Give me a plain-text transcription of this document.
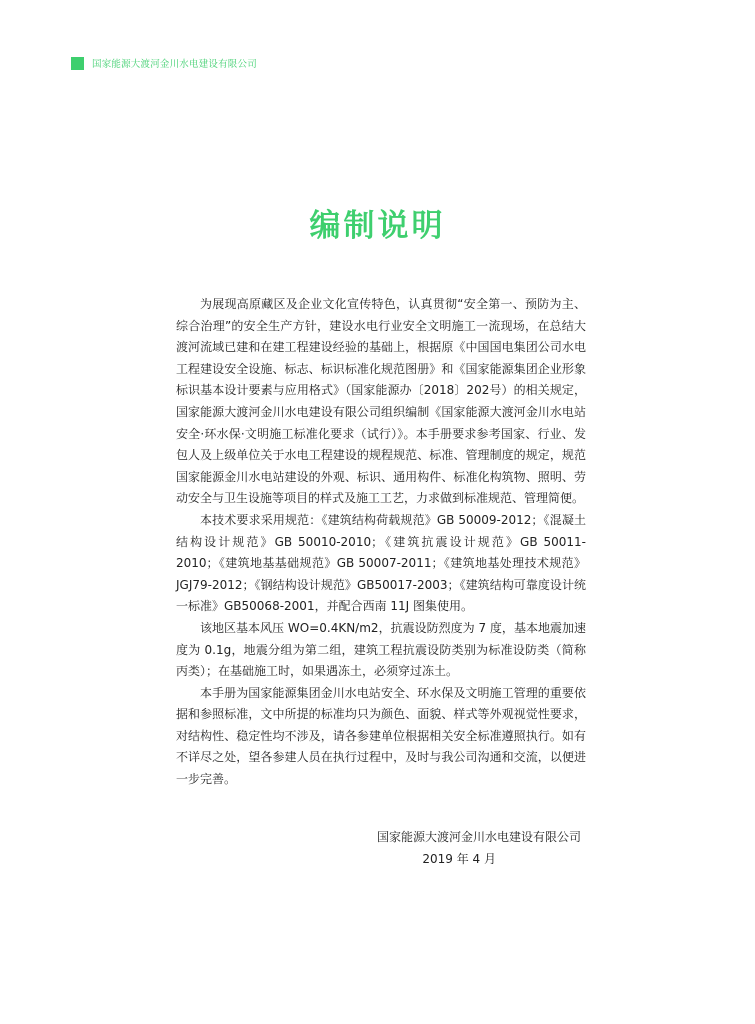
国家能源大渡河金川水电建设有限公司
编制说明

为展现高原藏区及企业文化宣传特色，认真贯彻“安全第一、预防为主、综合治理”的安全生产方针，建设水电行业安全文明施工一流现场，在总结大渡河流域已建和在建工程建设经验的基础上，根据原《中国国电集团公司水电工程建设安全设施、标志、标识标准化规范图册》和《国家能源集团企业形象标识基本设计要素与应用格式》（国家能源办〔2018〕202号）的相关规定，国家能源大渡河金川水电建设有限公司组织编制《国家能源大渡河金川水电站安全·环水保·文明施工标准化要求（试行）》。本手册要求参考国家、行业、发包人及上级单位关于水电工程建设的规程规范、标准、管理制度的规定，规范国家能源金川水电站建设的外观、标识、通用构件、标准化构筑物、照明、劳动安全与卫生设施等项目的样式及施工工艺，力求做到标准规范、管理简便。

本技术要求采用规范：《建筑结构荷载规范》GB 50009-2012；《混凝土结构设计规范》GB 50010-2010；《建筑抗震设计规范》GB 50011-2010；《建筑地基基础规范》GB 50007-2011；《建筑地基处理技术规范》JGJ79-2012；《钢结构设计规范》GB50017-2003；《建筑结构可靠度设计统一标准》GB50068-2001，并配合西南 11J 图集使用。

该地区基本风压 WO=0.4KN/m2，抗震设防烈度为 7 度，基本地震加速度为 0.1g，地震分组为第二组，建筑工程抗震设防类别为标准设防类（简称丙类）；在基础施工时，如果遇冻土，必须穿过冻土。

本手册为国家能源集团金川水电站安全、环水保及文明施工管理的重要依据和参照标准，文中所提的标准均只为颜色、面貌、样式等外观视觉性要求，对结构性、稳定性均不涉及，请各参建单位根据相关安全标准遵照执行。如有不详尽之处，望各参建人员在执行过程中，及时与我公司沟通和交流，以便进一步完善。

国家能源大渡河金川水电建设有限公司
2019 年 4 月
